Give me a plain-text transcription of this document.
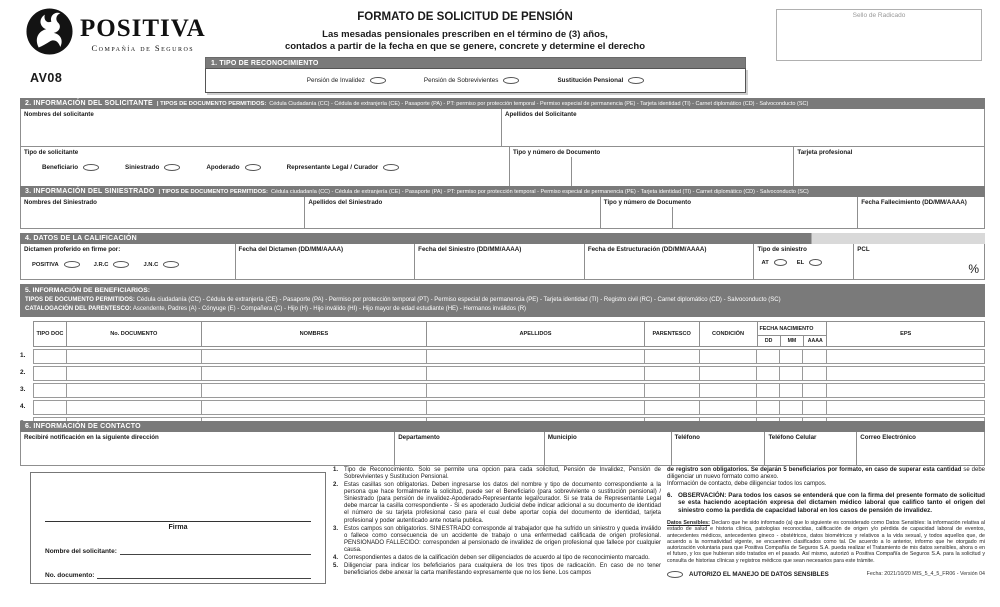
POSITIVA
Compañía de Seguros
FORMATO DE SOLICITUD DE PENSIÓN
Las mesadas pensionales prescriben en el término de (3) años,
contados a partir de la fecha en que se genere, concrete y determine el derecho
Sello de Radicado
AV08
1. TIPO DE RECONOCIMIENTO
Pensión de Invalidez	Pensión de Sobrevivientes	Sustitución Pensional
2. INFORMACIÓN DEL SOLICITANTE | TIPOS DE DOCUMENTO PERMITIDOS: Cédula Ciudadanía (CC) - Cédula de extranjería (CE) - Pasaporte (PA) - PT: permiso por protección temporal - Permiso especial de permanencia (PE) - Tarjeta identidad (TI) - Carnet diplomático (CD) - Salvoconducto (SC)
Nombres del solicitante	Apellidos del Solicitante
Tipo de solicitante
Beneficiario	Siniestrado	Apoderado	Representante Legal / Curador
Tipo y número de Documento	Tarjeta profesional
3. INFORMACIÓN DEL SINIESTRADO | TIPOS DE DOCUMENTO PERMITIDOS: Cédula ciudadanía (CC) - Cédula de extranjería (CE) - Pasaporte (PA) - PT: permiso por protección temporal - Permiso especial de permanencia (PE) - Tarjeta identidad (TI) - Carnet diplomático (CD) - Salvoconducto (SC)
Nombres del Siniestrado	Apellidos del Siniestrado	Tipo y número de Documento	Fecha Fallecimiento (DD/MM/AAAA)
4. DATOS DE LA CALIFICACIÓN
Dictamen proferido en firme por:
POSITIVA	J.R.C	J.N.C
Fecha del Dictamen (DD/MM/AAAA)	Fecha del Siniestro (DD/MM/AAAA)	Fecha de Estructuración (DD/MM/AAAA)	Tipo de siniestro
AT	EL
PCL
%
5. INFORMACIÓN DE BENEFICIARIOS:
TIPOS DE DOCUMENTO PERMITIDOS: Cédula ciudadanía (CC) - Cédula de extranjería (CE) - Pasaporte (PA) - Permiso por protección temporal (PT) - Permiso especial de permanencia (PE) - Tarjeta identidad (TI) - Registro civil (RC) - Carnet diplomático (CD) - Salvoconducto (SC)
CATALOGACIÓN DEL PARENTESCO: Ascendente, Padres (A) - Cónyuge (E) - Compañera (C) - Hijo (H) - Hijo inválido (HI) - Hijo mayor de edad estudiante (HE) - Hermanos inválidos (R)
TIPO DOC	No. DOCUMENTO	NOMBRES	APELLIDOS	PARENTESCO	CONDICIÓN
FECHA NACIMIENTO
DD	MM	AAAA
EPS
1.
2.
3.
4.
6. INFORMACIÓN DE CONTACTO
Recibiré notificación en la siguiente dirección	Departamento	Municipio	Teléfono	Teléfono Celular	Correo Electrónico
Firma
Nombre del solicitante:
No. documento:
1. Tipo de Reconocimiento. Solo se permite una opcion para cada solicitud, Pensión de Invalidez, Pensión de Sobrevivientes y Sustitucion Pensional.
2. Estas casillas son obligatorias. Deben ingresarse los datos del nombre y tipo de documento correspondiente a la persona que hace formalmente la solicitud, puede ser el Beneficiario (para sobreviviente o sustitución pensional) / Siniestrado (para pensión de invalidez-Apoderado-Representante legal/curador. Si se trata de Representante Legal debe marcar la casilla correspondiente - Si es apoderado Judicial debe indicar adicional a su documento de identidad el número de su tarjeta profesional caso para el cual debe aportar copia del documento de identidad, tarjeta profesional y poder autenticado ante notaria publica.
3. Estos campos son obligatorios. SINIESTRADO corresponde al trabajador que ha sufrido un siniestro y queda inválido o fallece como consecuencia de un accidente de trabajo o una enfermedad calificada de origen profesional. PENSIONADO FALLECIDO: corresponden al pensionado de invalidez de origen profesional que fallece por cualquier causa.
4. Correspondientes a datos de la calificación deben ser diligenciados de acuerdo al tipo de reconocimiento marcado.
5. Diligenciar para indicar los befeficiarios para cualquiera de los tres tipos de radicación. En caso de no tener beneficiarios debe anexar la carta manifestando expresamente que no los tiene. Los campos
de registro son obligatorios. Se dejarán 5 beneficiarios por formato, en caso de superar esta cantidad se debe diligenciar un nuevo formato como anexo.
Información de contacto, debe diligenciar todos los campos.
6. OBSERVACIÓN: Para todos los casos se entenderá que con la firma del presente formato de solicitud se esta haciendo aceptación expresa del dictamen médico laboral que califico tanto el origen del siniestro como la perdida de capacidad laboral en los casos de pensión de invalidez.
Datos Sensibles: Declaro que he sido informado (a) que lo siguiente es considerado como Datos Sensibles: la información relativa al estado de salud e historia clínica, patologías reconocidas, calificación de origen y/o pérdida de capacidad laboral de eventos, antecedentes médicos, antecedentes gineco - obstétricos, datos biométricos y relativos a la vida sexual, y todos aquellos que, de acuerdo a la normatividad vigente, se encuentren clasificados como tal. De acuerdo a lo anterior, informo que he otorgado mi autorización voluntaria para que Positiva Compañía de Seguros S.A. pueda realizar el Tratamiento de mis datos sensibles, ahora o en el futuro, y los que hubieran sido tratados en el pasado. Así mismo, autorizó a Positiva Compañía de Seguros S.A. para la solicitud y consulta de historias clínicas y registros médicos que sean necesarios para este trámite.
AUTORIZO EL MANEJO DE DATOS SENSIBLES	Fecha: 2021/10/20 MIS_5_4_5_FR06 - Versión 04
